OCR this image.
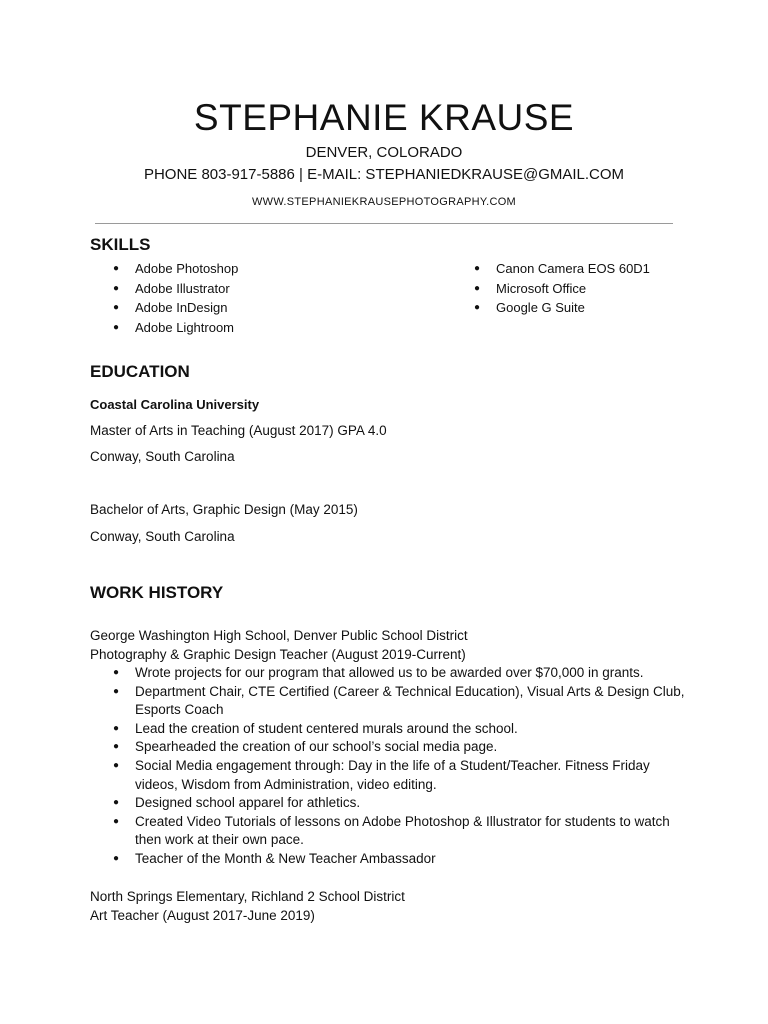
STEPHANIE KRAUSE
DENVER, COLORADO
PHONE 803-917-5886 | E-MAIL: STEPHANIEDKRAUSE@GMAIL.COM
WWW.STEPHANIEKRAUSEPHOTOGRAPHY.COM
SKILLS
● Adobe Photoshop
● Adobe Illustrator
● Adobe InDesign
● Adobe Lightroom
● Canon Camera EOS 60D1
● Microsoft Office
● Google G Suite
EDUCATION
Coastal Carolina University
Master of Arts in Teaching (August 2017) GPA 4.0
Conway, South Carolina
Bachelor of Arts, Graphic Design (May 2015)
Conway, South Carolina
WORK HISTORY
George Washington High School, Denver Public School District
Photography & Graphic Design Teacher (August 2019-Current)
● Wrote projects for our program that allowed us to be awarded over $70,000 in grants.
● Department Chair, CTE Certified (Career & Technical Education), Visual Arts & Design Club, Esports Coach
● Lead the creation of student centered murals around the school.
● Spearheaded the creation of our school’s social media page.
● Social Media engagement through: Day in the life of a Student/Teacher. Fitness Friday videos, Wisdom from Administration, video editing.
● Designed school apparel for athletics.
● Created Video Tutorials of lessons on Adobe Photoshop & Illustrator for students to watch then work at their own pace.
● Teacher of the Month & New Teacher Ambassador
North Springs Elementary, Richland 2 School District
Art Teacher (August 2017-June 2019)
